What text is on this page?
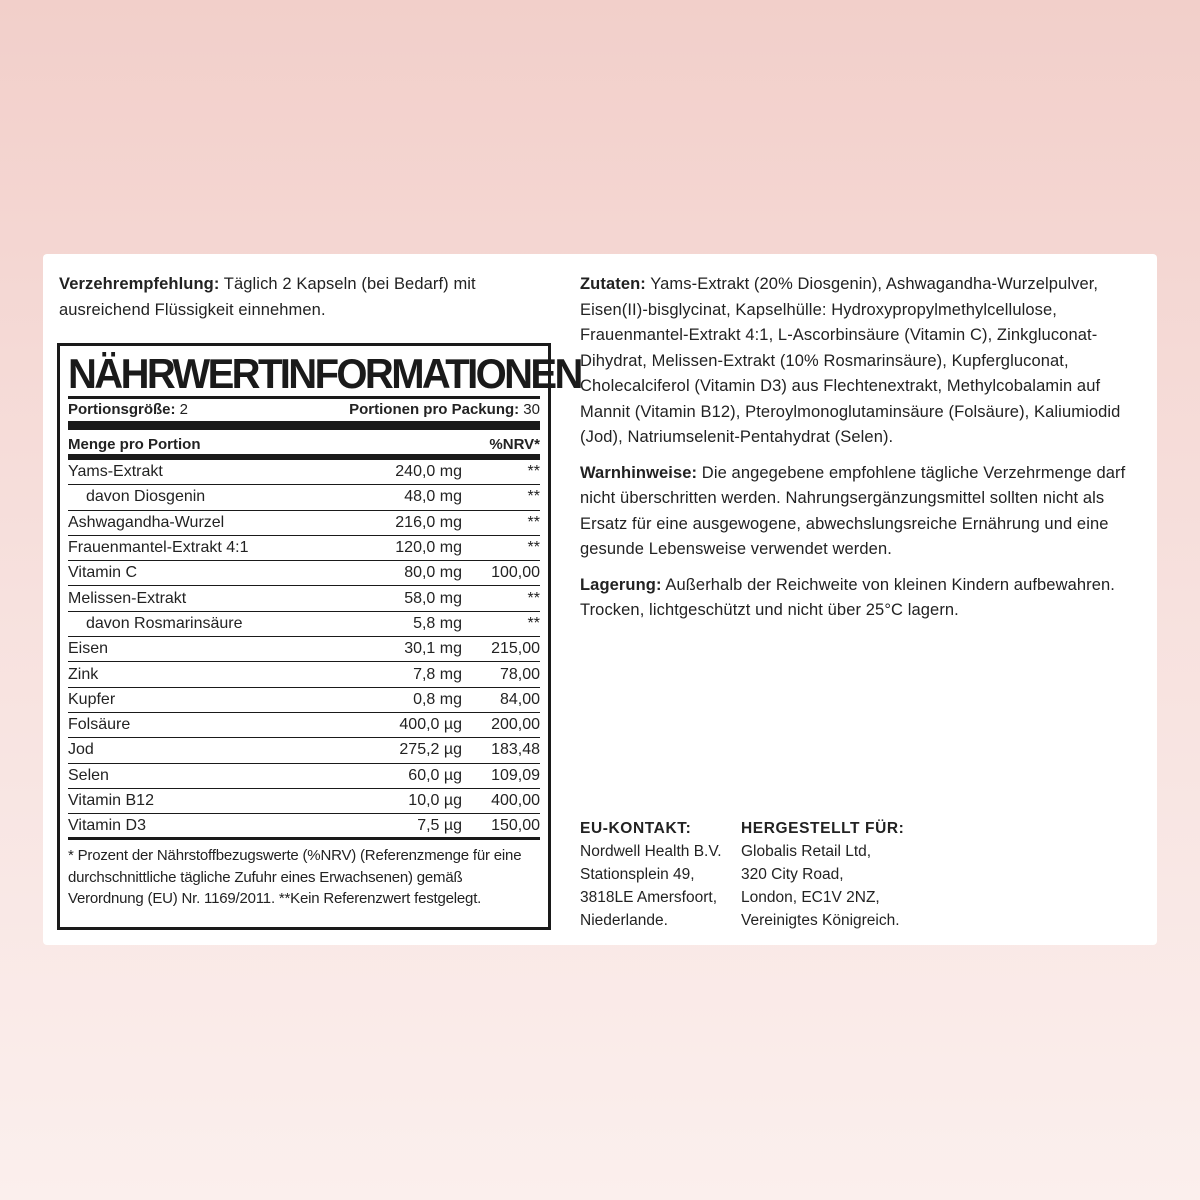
Verzehrempfehlung: Täglich 2 Kapseln (bei Bedarf) mit ausreichend Flüssigkeit einnehmen.

NÄHRWERTINFORMATIONEN
Portionsgröße: 2	Portionen pro Packung: 30
Menge pro Portion	%NRV*
Yams-Extrakt	240,0 mg	**
davon Diosgenin	48,0 mg	**
Ashwagandha-Wurzel	216,0 mg	**
Frauenmantel-Extrakt 4:1	120,0 mg	**
Vitamin C	80,0 mg	100,00
Melissen-Extrakt	58,0 mg	**
davon Rosmarinsäure	5,8 mg	**
Eisen	30,1 mg	215,00
Zink	7,8 mg	78,00
Kupfer	0,8 mg	84,00
Folsäure	400,0 µg	200,00
Jod	275,2 µg	183,48
Selen	60,0 µg	109,09
Vitamin B12	10,0 µg	400,00
Vitamin D3	7,5 µg	150,00

* Prozent der Nährstoffbezugswerte (%NRV) (Referenzmenge für eine durchschnittliche tägliche Zufuhr eines Erwachsenen) gemäß Verordnung (EU) Nr. 1169/2011. **Kein Referenzwert festgelegt.

Zutaten: Yams-Extrakt (20% Diosgenin), Ashwagandha-Wurzelpulver, Eisen(II)-bisglycinat, Kapselhülle: Hydroxypropylmethylcellulose, Frauenmantel-Extrakt 4:1, L-Ascorbinsäure (Vitamin C), Zinkgluconat-Dihydrat, Melissen-Extrakt (10% Rosmarinsäure), Kupfergluconat, Cholecalciferol (Vitamin D3) aus Flechtenextrakt, Methylcobalamin auf Mannit (Vitamin B12), Pteroylmonoglutaminsäure (Folsäure), Kaliumiodid (Jod), Natriumselenit-Pentahydrat (Selen).

Warnhinweise: Die angegebene empfohlene tägliche Verzehrmenge darf nicht überschritten werden. Nahrungsergänzungsmittel sollten nicht als Ersatz für eine ausgewogene, abwechslungsreiche Ernährung und eine gesunde Lebensweise verwendet werden.

Lagerung: Außerhalb der Reichweite von kleinen Kindern aufbewahren. Trocken, lichtgeschützt und nicht über 25°C lagern.

EU-KONTAKT:
Nordwell Health B.V.
Stationsplein 49,
3818LE Amersfoort,
Niederlande.
HERGESTELLT FÜR:
Globalis Retail Ltd,
320 City Road,
London, EC1V 2NZ,
Vereinigtes Königreich.
